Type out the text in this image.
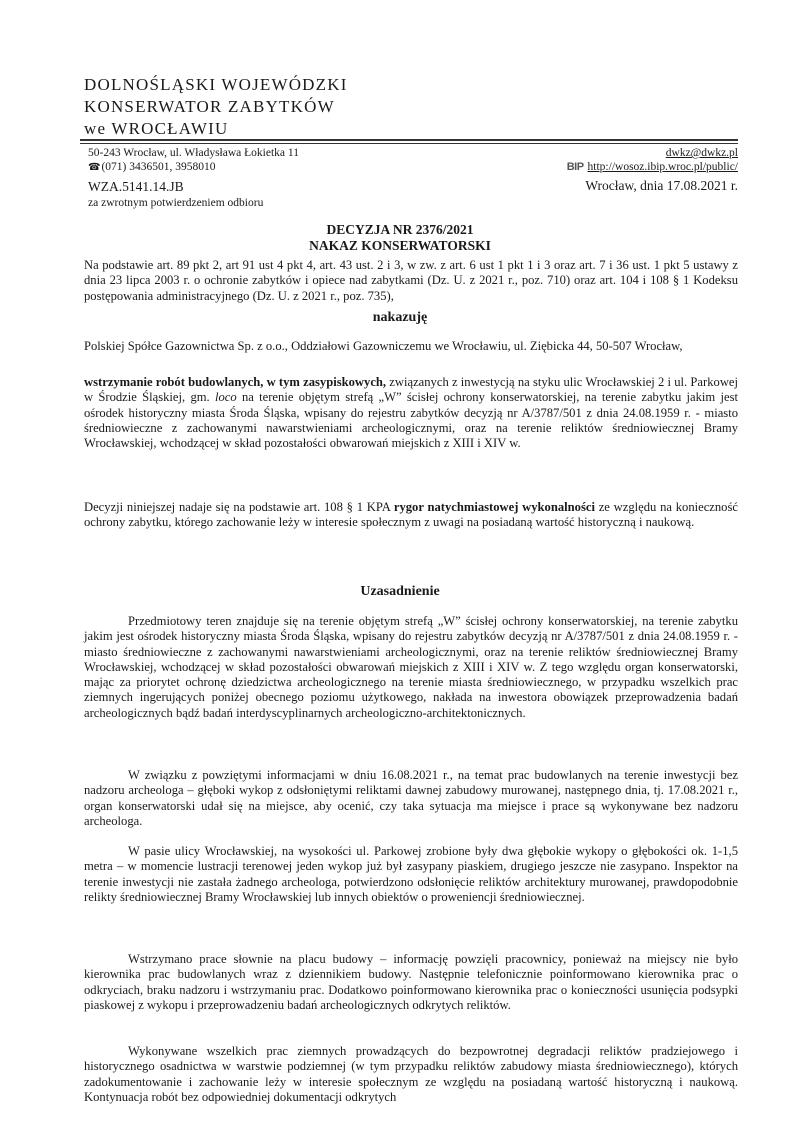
DOLNOŚLĄSKI WOJEWÓDZKI
KONSERWATOR ZABYTKÓW
we WROCŁAWIU
50-243 Wrocław, ul. Władysława Łokietka 11
☎(071) 3436501, 3958010
WZA.5141.14.JB
za zwrotnym potwierdzeniem odbioru
dwkz@dwkz.pl
BIP http://wosoz.ibip.wroc.pl/public/
Wrocław, dnia 17.08.2021 r.
DECYZJA NR 2376/2021
NAKAZ KONSERWATORSKI
Na podstawie art. 89 pkt 2, art 91 ust 4 pkt 4, art. 43 ust. 2 i 3, w zw. z art. 6 ust 1 pkt 1 i 3 oraz art. 7 i 36 ust. 1 pkt 5 ustawy z dnia 23 lipca 2003 r. o ochronie zabytków i opiece nad zabytkami (Dz. U. z 2021 r., poz. 710) oraz art. 104 i 108 § 1 Kodeksu postępowania administracyjnego (Dz. U. z 2021 r., poz. 735),
nakazuję
Polskiej Spółce Gazownictwa Sp. z o.o., Oddziałowi Gazowniczemu we Wrocławiu, ul. Ziębicka 44, 50-507 Wrocław,
wstrzymanie robót budowlanych, w tym zasypiskowych, związanych z inwestycją na styku ulic Wrocławskiej 2 i ul. Parkowej w Środzie Śląskiej, gm. loco na terenie objętym strefą „W” ścisłej ochrony konserwatorskiej, na terenie zabytku jakim jest ośrodek historyczny miasta Środa Śląska, wpisany do rejestru zabytków decyzją nr A/3787/501 z dnia 24.08.1959 r. - miasto średniowieczne z zachowanymi nawarstwieniami archeologicznymi, oraz na terenie reliktów średniowiecznej Bramy Wrocławskiej, wchodzącej w skład pozostałości obwarowań miejskich z XIII i XIV w.
Decyzji niniejszej nadaje się na podstawie art. 108 § 1 KPA rygor natychmiastowej wykonalności ze względu na konieczność ochrony zabytku, którego zachowanie leży w interesie społecznym z uwagi na posiadaną wartość historyczną i naukową.
Uzasadnienie
Przedmiotowy teren znajduje się na terenie objętym strefą „W” ścisłej ochrony konserwatorskiej, na terenie zabytku jakim jest ośrodek historyczny miasta Środa Śląska, wpisany do rejestru zabytków decyzją nr A/3787/501 z dnia 24.08.1959 r. - miasto średniowieczne z zachowanymi nawarstwieniami archeologicznymi, oraz na terenie reliktów średniowiecznej Bramy Wrocławskiej, wchodzącej w skład pozostałości obwarowań miejskich z XIII i XIV w. Z tego względu organ konserwatorski, mając za priorytet ochronę dziedzictwa archeologicznego na terenie miasta średniowiecznego, w przypadku wszelkich prac ziemnych ingerujących poniżej obecnego poziomu użytkowego, nakłada na inwestora obowiązek przeprowadzenia badań archeologicznych bądź badań interdyscyplinarnych archeologiczno-architektonicznych.
W związku z powziętymi informacjami w dniu 16.08.2021 r., na temat prac budowlanych na terenie inwestycji bez nadzoru archeologa – głęboki wykop z odsłoniętymi reliktami dawnej zabudowy murowanej, następnego dnia, tj. 17.08.2021 r., organ konserwatorski udał się na miejsce, aby ocenić, czy taka sytuacja ma miejsce i prace są wykonywane bez nadzoru archeologa.
W pasie ulicy Wrocławskiej, na wysokości ul. Parkowej zrobione były dwa głębokie wykopy o głębokości ok. 1-1,5 metra – w momencie lustracji terenowej jeden wykop już był zasypany piaskiem, drugiego jeszcze nie zasypano. Inspektor na terenie inwestycji nie zastała żadnego archeologa, potwierdzono odsłonięcie reliktów architektury murowanej, prawdopodobnie relikty średniowiecznej Bramy Wrocławskiej lub innych obiektów o proweniencji średniowiecznej.
Wstrzymano prace słownie na placu budowy – informację powzięli pracownicy, ponieważ na miejscy nie było kierownika prac budowlanych wraz z dziennikiem budowy. Następnie telefonicznie poinformowano kierownika prac o odkryciach, braku nadzoru i wstrzymaniu prac. Dodatkowo poinformowano kierownika prac o konieczności usunięcia podsypki piaskowej z wykopu i przeprowadzeniu badań archeologicznych odkrytych reliktów.
Wykonywane wszelkich prac ziemnych prowadzących do bezpowrotnej degradacji reliktów pradziejowego i historycznego osadnictwa w warstwie podziemnej (w tym przypadku reliktów zabudowy miasta średniowiecznego), których zadokumentowanie i zachowanie leży w interesie społecznym ze względu na posiadaną wartość historyczną i naukową. Kontynuacja robót bez odpowiedniej dokumentacji odkrytych
